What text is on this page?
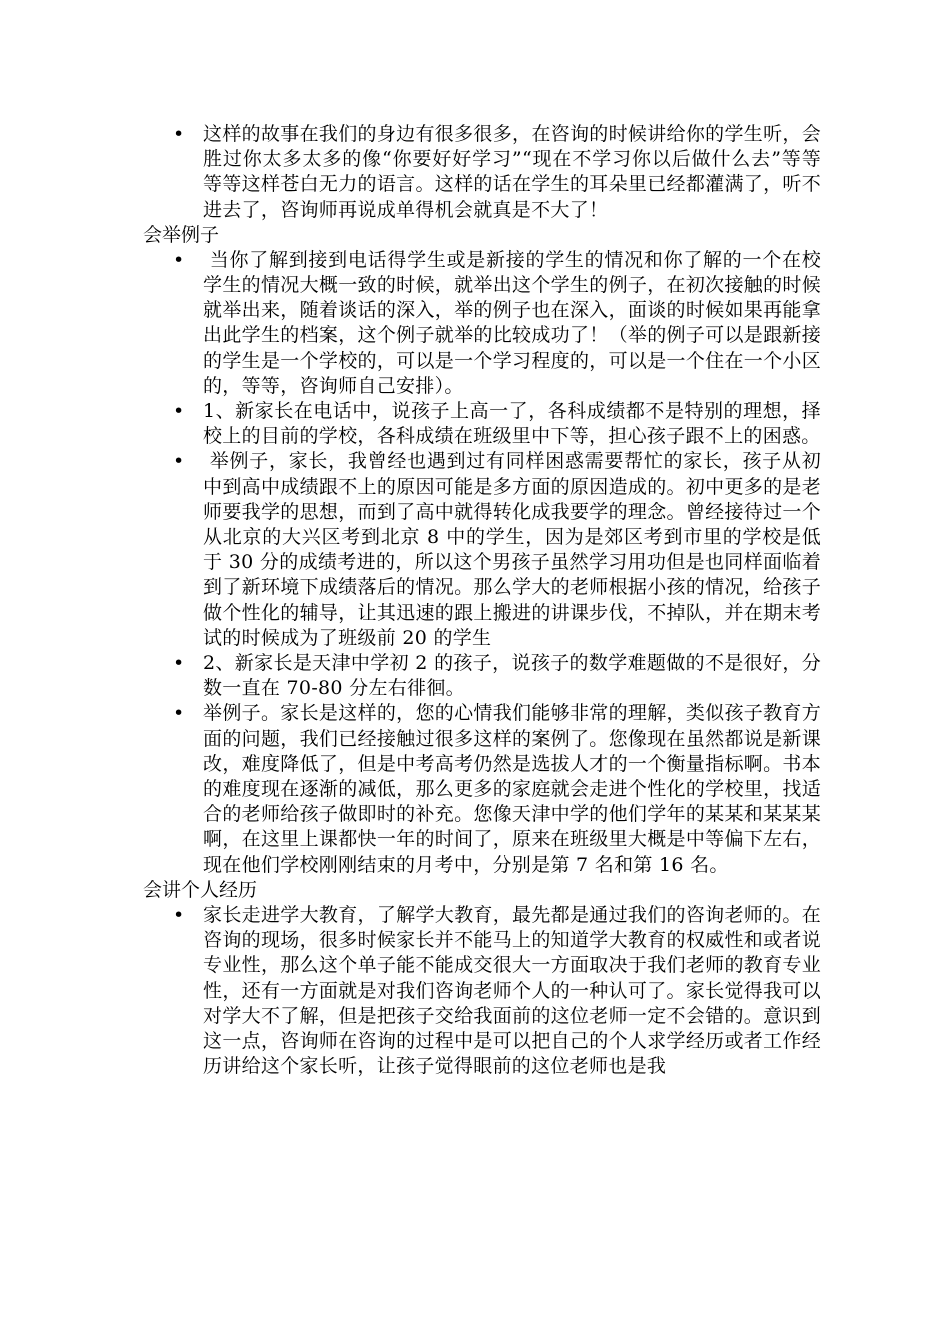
• 这样的故事在我们的身边有很多很多，在咨询的时候讲给你的学生听，会胜过你太多太多的像“你要好好学习”“现在不学习你以后做什么去”等等等等这样苍白无力的语言。这样的话在学生的耳朵里已经都灌满了，听不进去了，咨询师再说成单得机会就真是不大了！
会举例子
• 当你了解到接到电话得学生或是新接的学生的情况和你了解的一个在校学生的情况大概一致的时候，就举出这个学生的例子，在初次接触的时候就举出来，随着谈话的深入，举的例子也在深入，面谈的时候如果再能拿出此学生的档案，这个例子就举的比较成功了！（举的例子可以是跟新接的学生是一个学校的，可以是一个学习程度的，可以是一个住在一个小区的，等等，咨询师自己安排）。
• 1、新家长在电话中，说孩子上高一了，各科成绩都不是特别的理想，择校上的目前的学校，各科成绩在班级里中下等，担心孩子跟不上的困惑。
• 举例子，家长，我曾经也遇到过有同样困惑需要帮忙的家长，孩子从初中到高中成绩跟不上的原因可能是多方面的原因造成的。初中更多的是老师要我学的思想，而到了高中就得转化成我要学的理念。曾经接待过一个从北京的大兴区考到北京 8 中的学生，因为是郊区考到市里的学校是低于 30 分的成绩考进的，所以这个男孩子虽然学习用功但是也同样面临着到了新环境下成绩落后的情况。那么学大的老师根据小孩的情况，给孩子做个性化的辅导，让其迅速的跟上搬进的讲课步伐，不掉队，并在期末考试的时候成为了班级前 20 的学生
• 2、新家长是天津中学初 2 的孩子，说孩子的数学难题做的不是很好，分数一直在 70-80 分左右徘徊。
• 举例子。家长是这样的，您的心情我们能够非常的理解，类似孩子教育方面的问题，我们已经接触过很多这样的案例了。您像现在虽然都说是新课改，难度降低了，但是中考高考仍然是选拔人才的一个衡量指标啊。书本的难度现在逐渐的减低，那么更多的家庭就会走进个性化的学校里，找适合的老师给孩子做即时的补充。您像天津中学的他们学年的某某和某某某啊，在这里上课都快一年的时间了，原来在班级里大概是中等偏下左右，现在他们学校刚刚结束的月考中，分别是第 7 名和第 16 名。
会讲个人经历
• 家长走进学大教育，了解学大教育，最先都是通过我们的咨询老师的。在咨询的现场，很多时候家长并不能马上的知道学大教育的权威性和或者说专业性，那么这个单子能不能成交很大一方面取决于我们老师的教育专业性，还有一方面就是对我们咨询老师个人的一种认可了。家长觉得我可以对学大不了解，但是把孩子交给我面前的这位老师一定不会错的。意识到这一点，咨询师在咨询的过程中是可以把自己的个人求学经历或者工作经历讲给这个家长听，让孩子觉得眼前的这位老师也是我
